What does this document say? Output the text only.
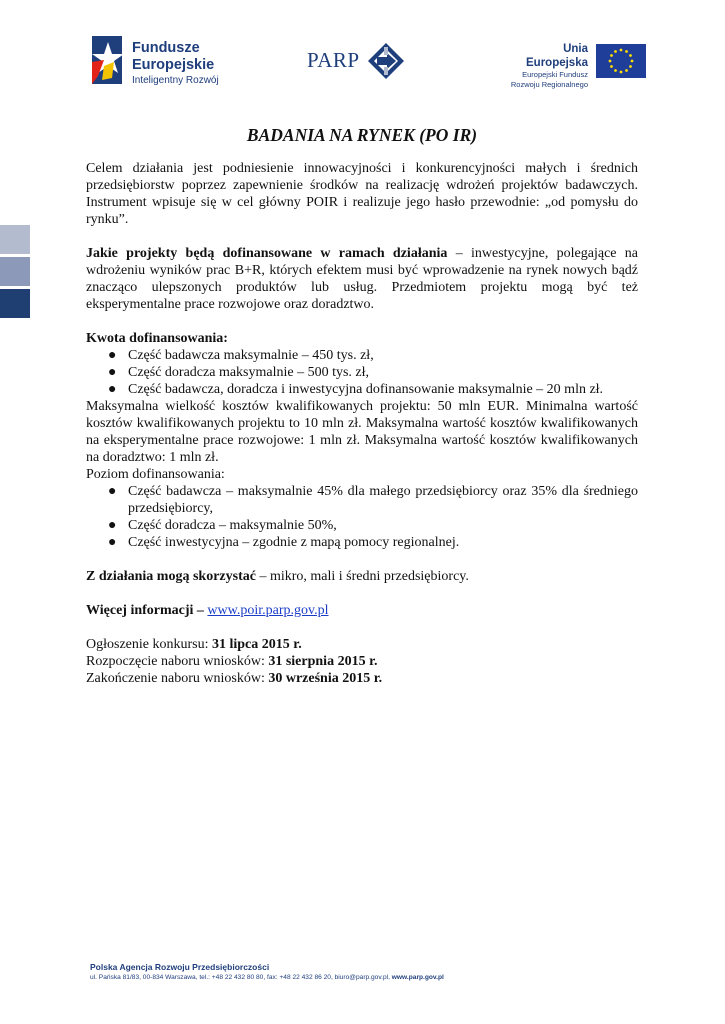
Fundusze
Europejskie
Inteligentny Rozwój
PARP	Unia Europejska
Europejski Fundusz
Rozwoju Regionalnego
BADANIA NA RYNEK (PO IR)

Celem działania jest podniesienie innowacyjności i konkurencyjności małych i średnich przedsiębiorstw poprzez zapewnienie środków na realizację wdrożeń projektów badawczych. Instrument wpisuje się w cel główny POIR i realizuje jego hasło przewodnie: „od pomysłu do rynku”.

Jakie projekty będą dofinansowane w ramach działania – inwestycyjne, polegające na wdrożeniu wyników prac B+R, których efektem musi być wprowadzenie na rynek nowych bądź znacząco ulepszonych produktów lub usług. Przedmiotem projektu mogą być też eksperymentalne prace rozwojowe oraz doradztwo.

Kwota dofinansowania:

● Część badawcza maksymalnie – 450 tys. zł,
● Część doradcza maksymalnie – 500 tys. zł,
● Część badawcza, doradcza i inwestycyjna dofinansowanie maksymalnie – 20 mln zł.

Maksymalna wielkość kosztów kwalifikowanych projektu: 50 mln EUR. Minimalna wartość kosztów kwalifikowanych projektu to 10 mln zł. Maksymalna wartość kosztów kwalifikowanych na eksperymentalne prace rozwojowe: 1 mln zł. Maksymalna wartość kosztów kwalifikowanych na doradztwo: 1 mln zł.

Poziom dofinansowania:

● Część badawcza – maksymalnie 45% dla małego przedsiębiorcy oraz 35% dla średniego przedsiębiorcy,
● Część doradcza – maksymalnie 50%,
● Część inwestycyjna – zgodnie z mapą pomocy regionalnej.

Z działania mogą skorzystać – mikro, mali i średni przedsiębiorcy.

Więcej informacji – www.poir.parp.gov.pl

Ogłoszenie konkursu: 31 lipca 2015 r.

Rozpoczęcie naboru wniosków: 31 sierpnia 2015 r.

Zakończenie naboru wniosków: 30 września 2015 r.

Polska Agencja Rozwoju Przedsiębiorczości
ul. Pańska 81/83, 00-834 Warszawa, tel.: +48 22 432 80 80, fax: +48 22 432 86 20, biuro@parp.gov.pl, www.parp.gov.pl
